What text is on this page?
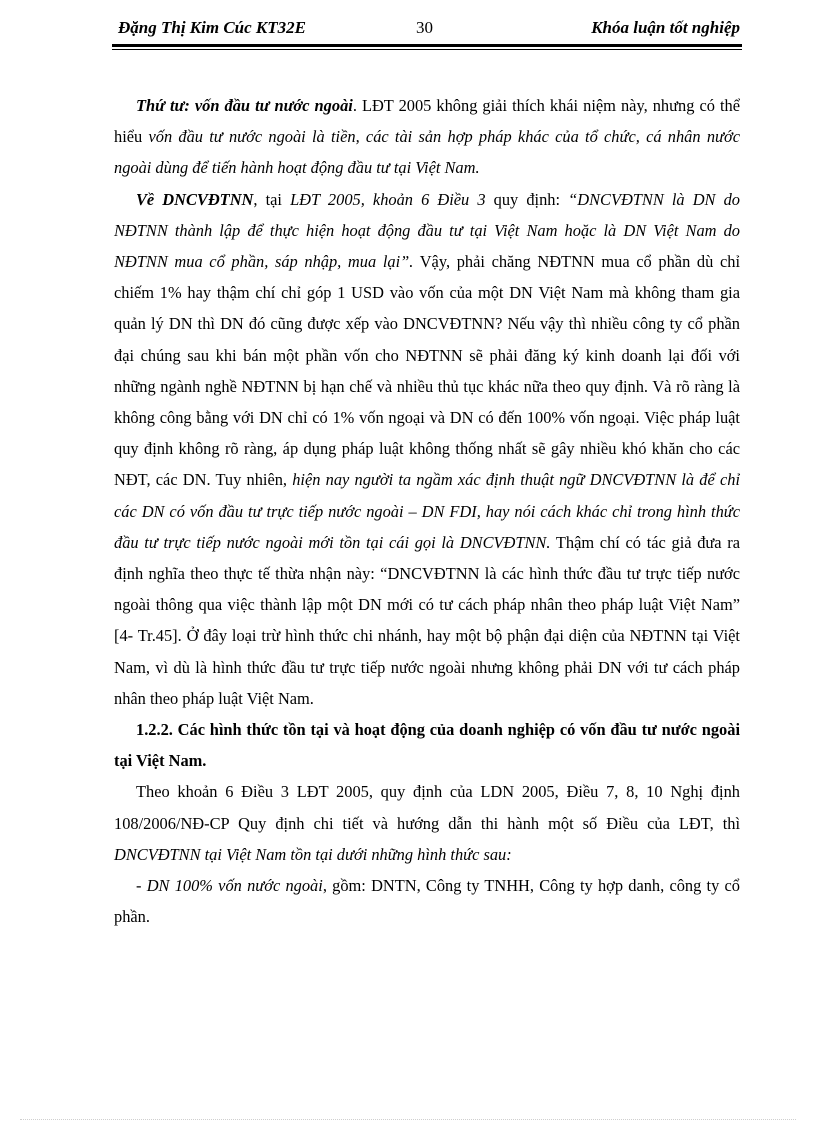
Đặng Thị Kim Cúc KT32E	30	Khóa luận tốt nghiệp

Thứ tư: vốn đầu tư nước ngoài. LĐT 2005 không giải thích khái niệm này, nhưng có thể hiểu vốn đầu tư nước ngoài là tiền, các tài sản hợp pháp khác của tổ chức, cá nhân nước ngoài dùng để tiến hành hoạt động đầu tư tại Việt Nam.

Về DNCVĐTNN, tại LĐT 2005, khoản 6 Điều 3 quy định: “DNCVĐTNN là DN do NĐTNN thành lập để thực hiện hoạt động đầu tư tại Việt Nam hoặc là DN Việt Nam do NĐTNN mua cổ phần, sáp nhập, mua lại”. Vậy, phải chăng NĐTNN mua cổ phần dù chỉ chiếm 1% hay thậm chí chỉ góp 1 USD vào vốn của một DN Việt Nam mà không tham gia quản lý DN thì DN đó cũng được xếp vào DNCVĐTNN? Nếu vậy thì nhiều công ty cổ phần đại chúng sau khi bán một phần vốn cho NĐTNN sẽ phải đăng ký kinh doanh lại đối với những ngành nghề NĐTNN bị hạn chế và nhiều thủ tục khác nữa theo quy định. Và rõ ràng là không công bằng với DN chỉ có 1% vốn ngoại và DN có đến 100% vốn ngoại. Việc pháp luật quy định không rõ ràng, áp dụng pháp luật không thống nhất sẽ gây nhiều khó khăn cho các NĐT, các DN. Tuy nhiên, hiện nay người ta ngầm xác định thuật ngữ DNCVĐTNN là để chỉ các DN có vốn đầu tư trực tiếp nước ngoài – DN FDI, hay nói cách khác chỉ trong hình thức đầu tư trực tiếp nước ngoài mới tồn tại cái gọi là DNCVĐTNN. Thậm chí có tác giả đưa ra định nghĩa theo thực tế thừa nhận này: “DNCVĐTNN là các hình thức đầu tư trực tiếp nước ngoài thông qua việc thành lập một DN mới có tư cách pháp nhân theo pháp luật Việt Nam” [4- Tr.45]. Ở đây loại trừ hình thức chi nhánh, hay một bộ phận đại diện của NĐTNN tại Việt Nam, vì dù là hình thức đầu tư trực tiếp nước ngoài nhưng không phải DN với tư cách pháp nhân theo pháp luật Việt Nam.

1.2.2. Các hình thức tồn tại và hoạt động của doanh nghiệp có vốn đầu tư nước ngoài tại Việt Nam.

Theo khoản 6 Điều 3 LĐT 2005, quy định của LDN 2005, Điều 7, 8, 10 Nghị định 108/2006/NĐ-CP Quy định chi tiết và hướng dẫn thi hành một số Điều của LĐT, thì DNCVĐTNN tại Việt Nam tồn tại dưới những hình thức sau:

- DN 100% vốn nước ngoài, gồm: DNTN, Công ty TNHH, Công ty hợp danh, công ty cổ phần.
